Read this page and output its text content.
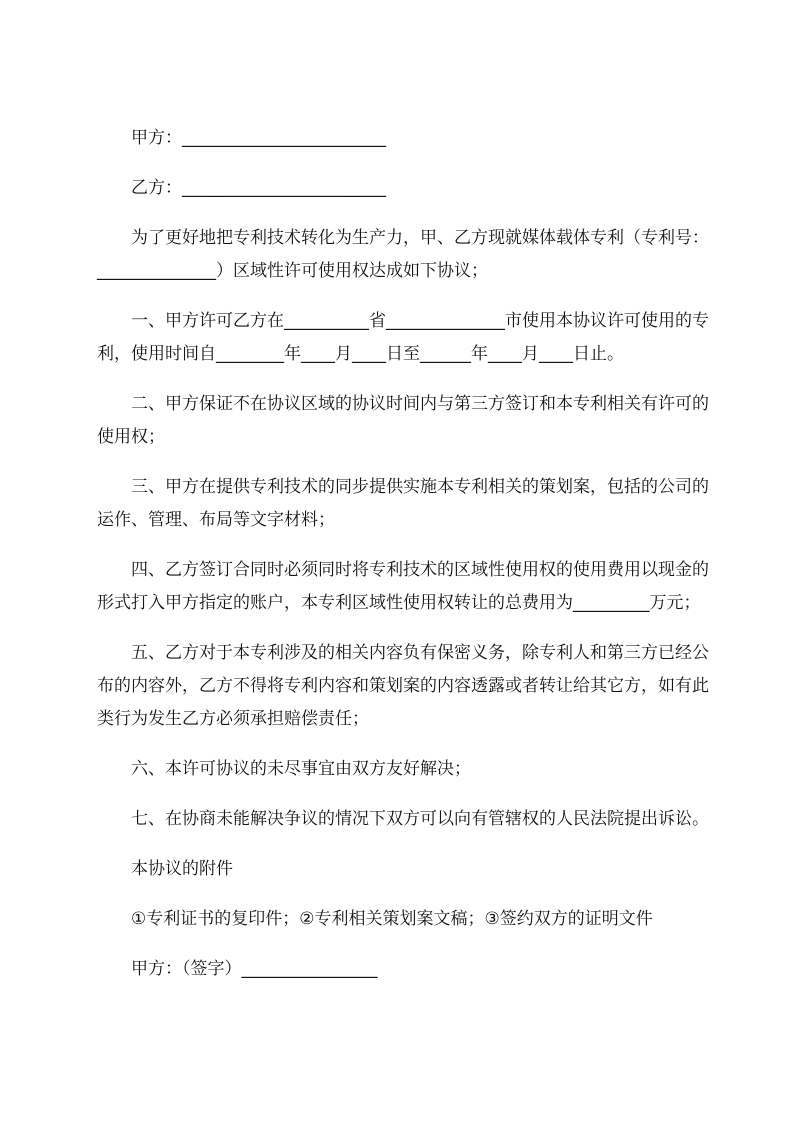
甲方：________________________

乙方：________________________

为了更好地把专利技术转化为生产力，甲、乙方现就媒体载体专利（专利号：______________）区域性许可使用权达成如下协议；

一、甲方许可乙方在__________省______________市使用本协议许可使用的专利，使用时间自________年____月____日至______年____月____日止。

二、甲方保证不在协议区域的协议时间内与第三方签订和本专利相关有许可的使用权；

三、甲方在提供专利技术的同步提供实施本专利相关的策划案，包括的公司的运作、管理、布局等文字材料；

四、乙方签订合同时必须同时将专利技术的区域性使用权的使用费用以现金的形式打入甲方指定的账户，本专利区域性使用权转让的总费用为_________万元；

五、乙方对于本专利涉及的相关内容负有保密义务，除专利人和第三方已经公布的内容外，乙方不得将专利内容和策划案的内容透露或者转让给其它方，如有此类行为发生乙方必须承担赔偿责任；

六、本许可协议的未尽事宜由双方友好解决；

七、在协商未能解决争议的情况下双方可以向有管辖权的人民法院提出诉讼。

本协议的附件

①专利证书的复印件；②专利相关策划案文稿；③签约双方的证明文件

甲方：（签字）________________
